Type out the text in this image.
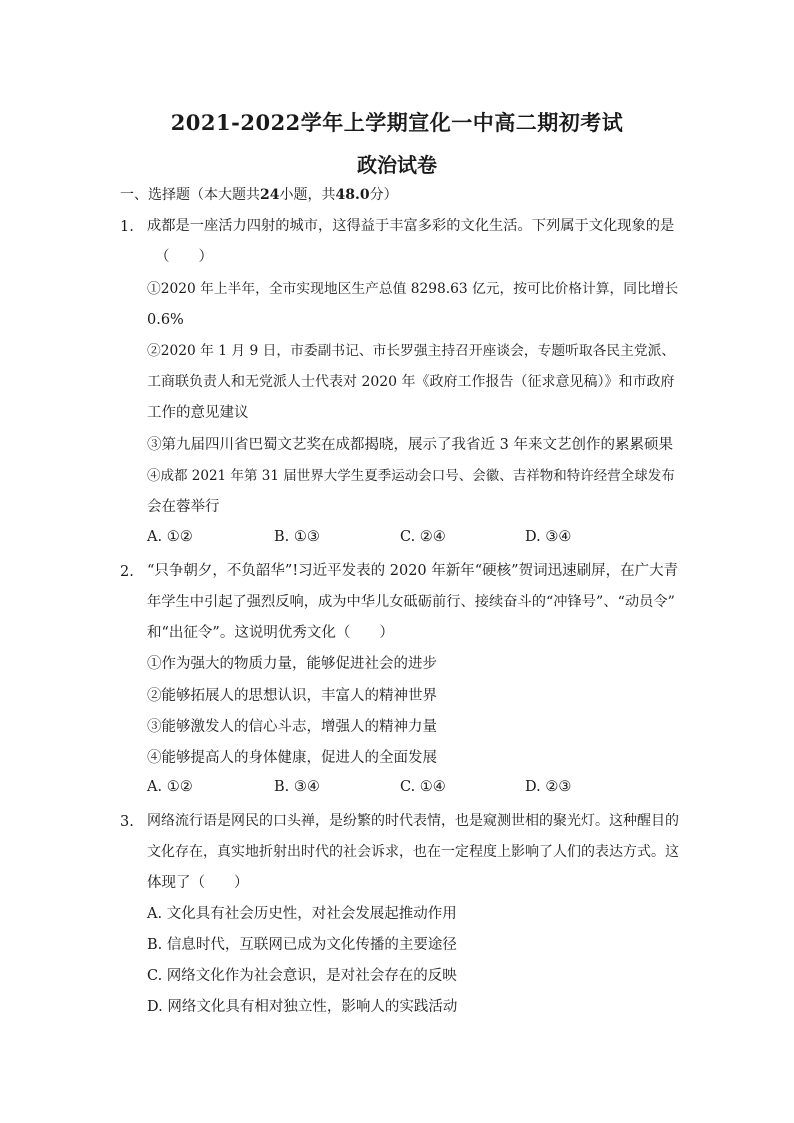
2021-2022学年上学期宣化一中高二期初考试
政治试卷
一、选择题（本大题共24小题，共48.0分）
1. 成都是一座活力四射的城市，这得益于丰富多彩的文化生活。下列属于文化现象的是
（　　）
①2020 年上半年，全市实现地区生产总值 8298.63 亿元，按可比价格计算，同比增长
0.6%
②2020 年 1 月 9 日，市委副书记、市长罗强主持召开座谈会，专题听取各民主党派、
工商联负责人和无党派人士代表对 2020 年《政府工作报告（征求意见稿）》和市政府
工作的意见建议
③第九届四川省巴蜀文艺奖在成都揭晓，展示了我省近 3 年来文艺创作的累累硕果
④成都 2021 年第 31 届世界大学生夏季运动会口号、会徽、吉祥物和特许经营全球发布
会在蓉举行
A. ①②	B. ①③	C. ②④	D. ③④
2. “只争朝夕，不负韶华”!习近平发表的 2020 年新年“硬核”贺词迅速刷屏，在广大青
年学生中引起了强烈反响，成为中华儿女砥砺前行、接续奋斗的“冲锋号”、“动员令”
和“出征令”。这说明优秀文化（　　）
①作为强大的物质力量，能够促进社会的进步
②能够拓展人的思想认识，丰富人的精神世界
③能够激发人的信心斗志，增强人的精神力量
④能够提高人的身体健康，促进人的全面发展
A. ①②	B. ③④	C. ①④	D. ②③
3. 网络流行语是网民的口头禅，是纷繁的时代表情，也是窥测世相的聚光灯。这种醒目的
文化存在，真实地折射出时代的社会诉求，也在一定程度上影响了人们的表达方式。这
体现了（　　）
A. 文化具有社会历史性，对社会发展起推动作用
B. 信息时代，互联网已成为文化传播的主要途径
C. 网络文化作为社会意识，是对社会存在的反映
D. 网络文化具有相对独立性，影响人的实践活动
